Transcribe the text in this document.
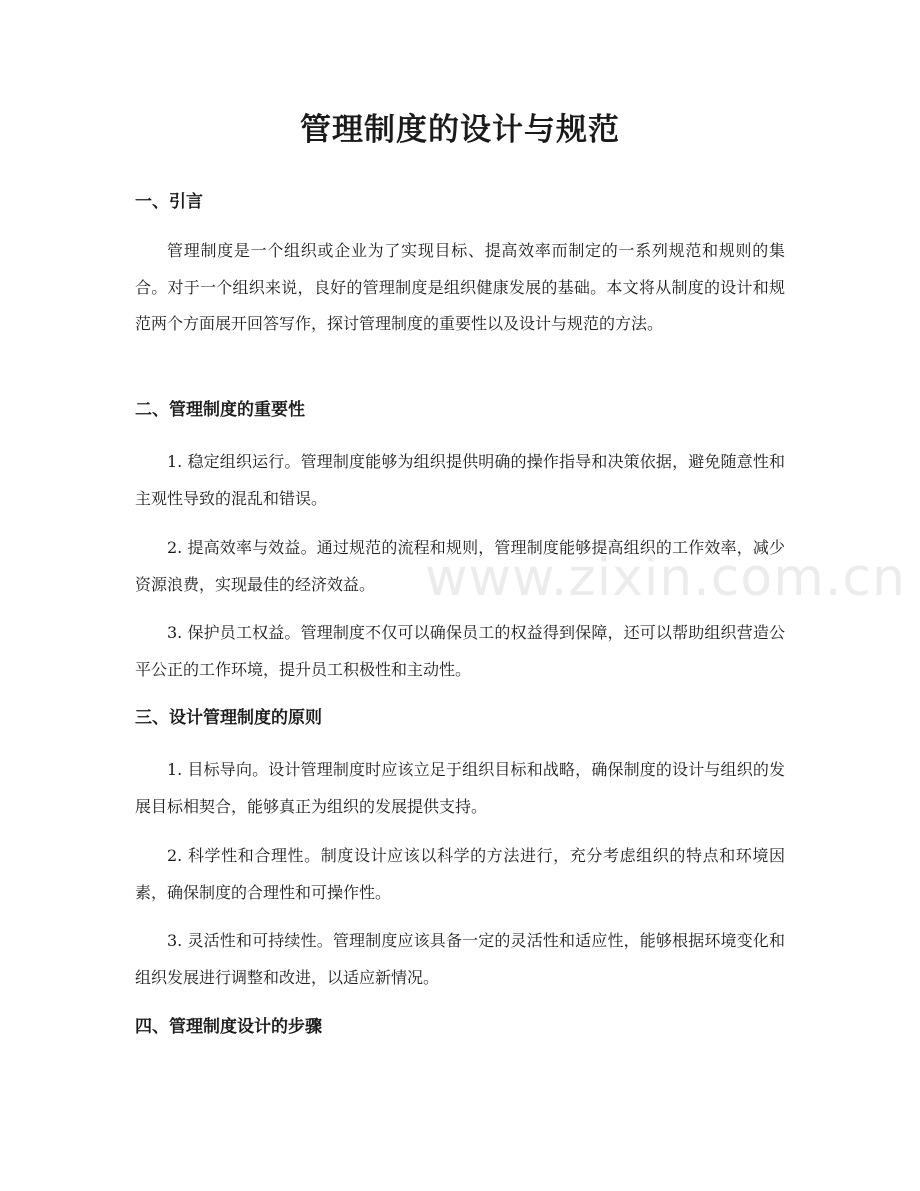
www.zixin.com.cn
管理制度的设计与规范
一、引言

管理制度是一个组织或企业为了实现目标、提高效率而制定的一系列规范和规则的集合。对于一个组织来说，良好的管理制度是组织健康发展的基础。本文将从制度的设计和规范两个方面展开回答写作，探讨管理制度的重要性以及设计与规范的方法。

二、管理制度的重要性

1. 稳定组织运行。管理制度能够为组织提供明确的操作指导和决策依据，避免随意性和主观性导致的混乱和错误。

2. 提高效率与效益。通过规范的流程和规则，管理制度能够提高组织的工作效率，减少资源浪费，实现最佳的经济效益。

3. 保护员工权益。管理制度不仅可以确保员工的权益得到保障，还可以帮助组织营造公平公正的工作环境，提升员工积极性和主动性。

三、设计管理制度的原则

1. 目标导向。设计管理制度时应该立足于组织目标和战略，确保制度的设计与组织的发展目标相契合，能够真正为组织的发展提供支持。

2. 科学性和合理性。制度设计应该以科学的方法进行，充分考虑组织的特点和环境因素，确保制度的合理性和可操作性。

3. 灵活性和可持续性。管理制度应该具备一定的灵活性和适应性，能够根据环境变化和组织发展进行调整和改进，以适应新情况。

四、管理制度设计的步骤
